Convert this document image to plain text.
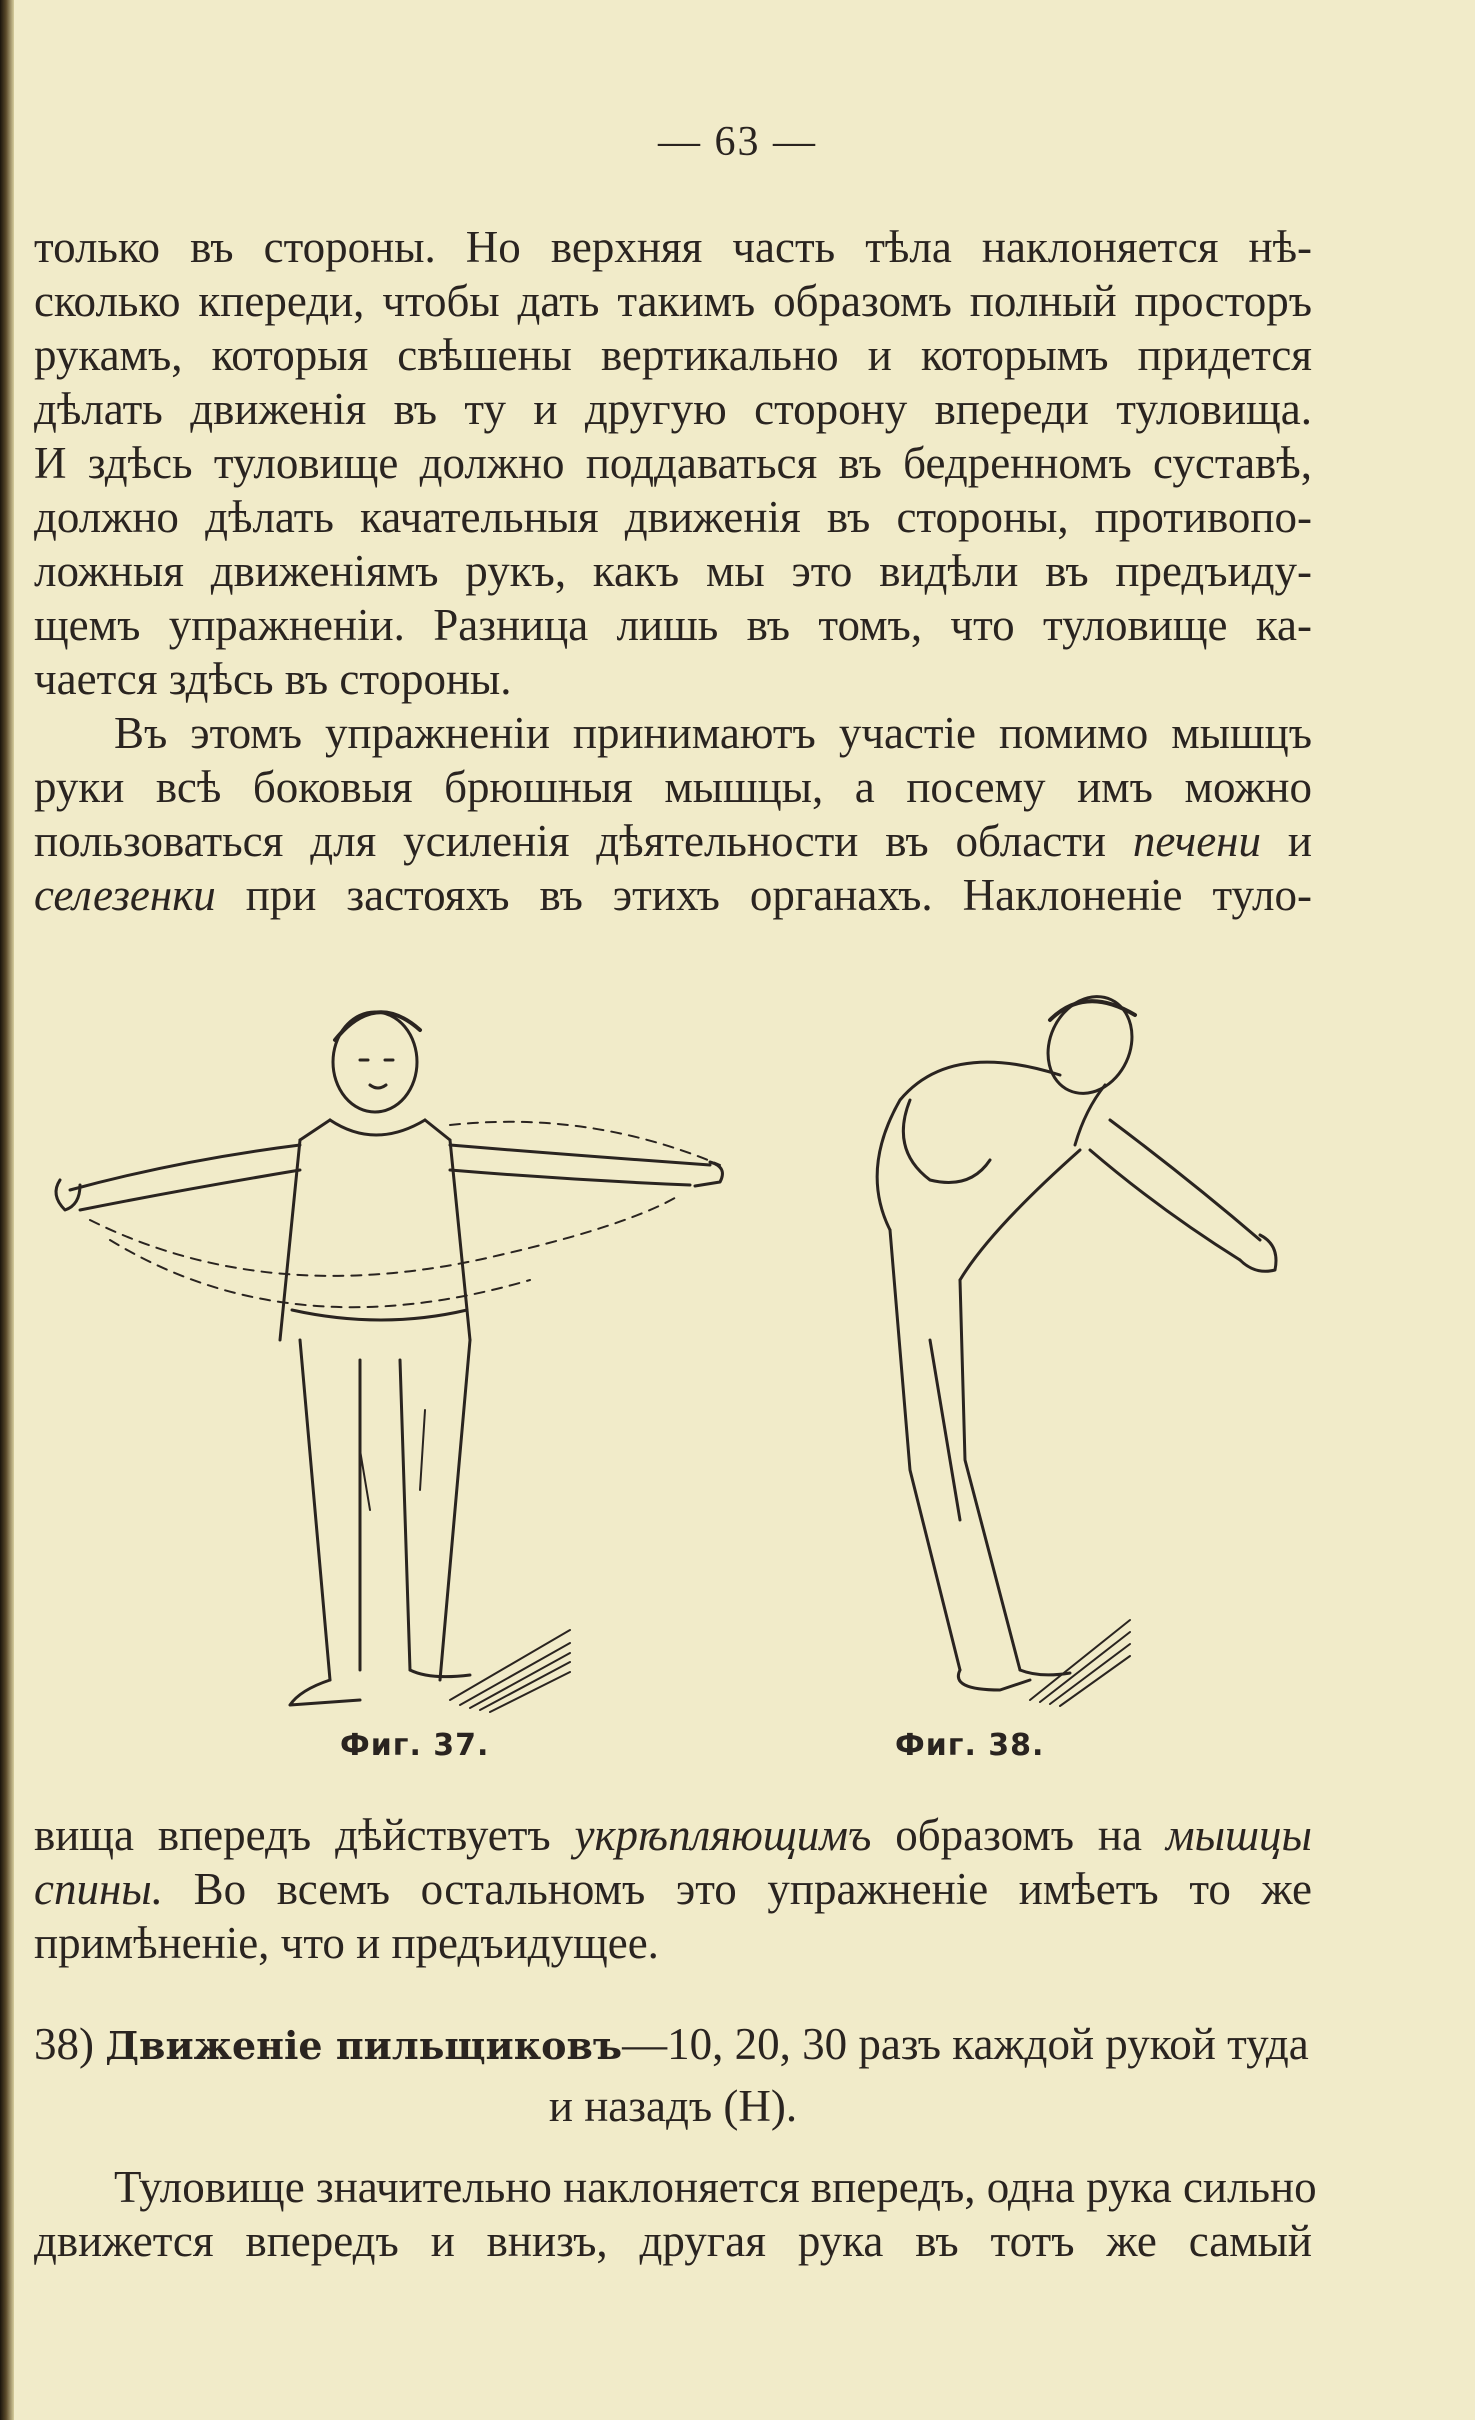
— 63 —
только въ стороны. Но верхняя часть тѣла наклоняется нѣ-
сколько кпереди, чтобы дать такимъ образомъ полный просторъ
рукамъ, которыя свѣшены вертикально и которымъ придется
дѣлать движенія въ ту и другую сторону впереди туловища.
И здѣсь туловище должно поддаваться въ бедренномъ суставѣ,
должно дѣлать качательныя движенія въ стороны, противопо-
ложныя движеніямъ рукъ, какъ мы это видѣли въ предъиду-
щемъ упражненіи. Разница лишь въ томъ, что туловище ка-
чается здѣсь въ стороны.
Въ этомъ упражненіи принимаютъ участіе помимо мышцъ
руки всѣ боковыя брюшныя мышцы, а посему имъ можно
пользоваться для усиленія дѣятельности въ области печени и
селезенки при застояхъ въ этихъ органахъ. Наклоненіе туло-
Фиг. 37.	Фиг. 38.
вища впередъ дѣйствуетъ укрѣпляющимъ образомъ на мышцы
спины. Во всемъ остальномъ это упражненіе имѣетъ то же
примѣненіе, что и предъидущее.
38) Движеніе пильщиковъ—10, 20, 30 разъ каждой рукой туда
и назадъ (Н).
Туловище значительно наклоняется впередъ, одна рука сильно
движется впередъ и внизъ, другая рука въ тотъ же самый
